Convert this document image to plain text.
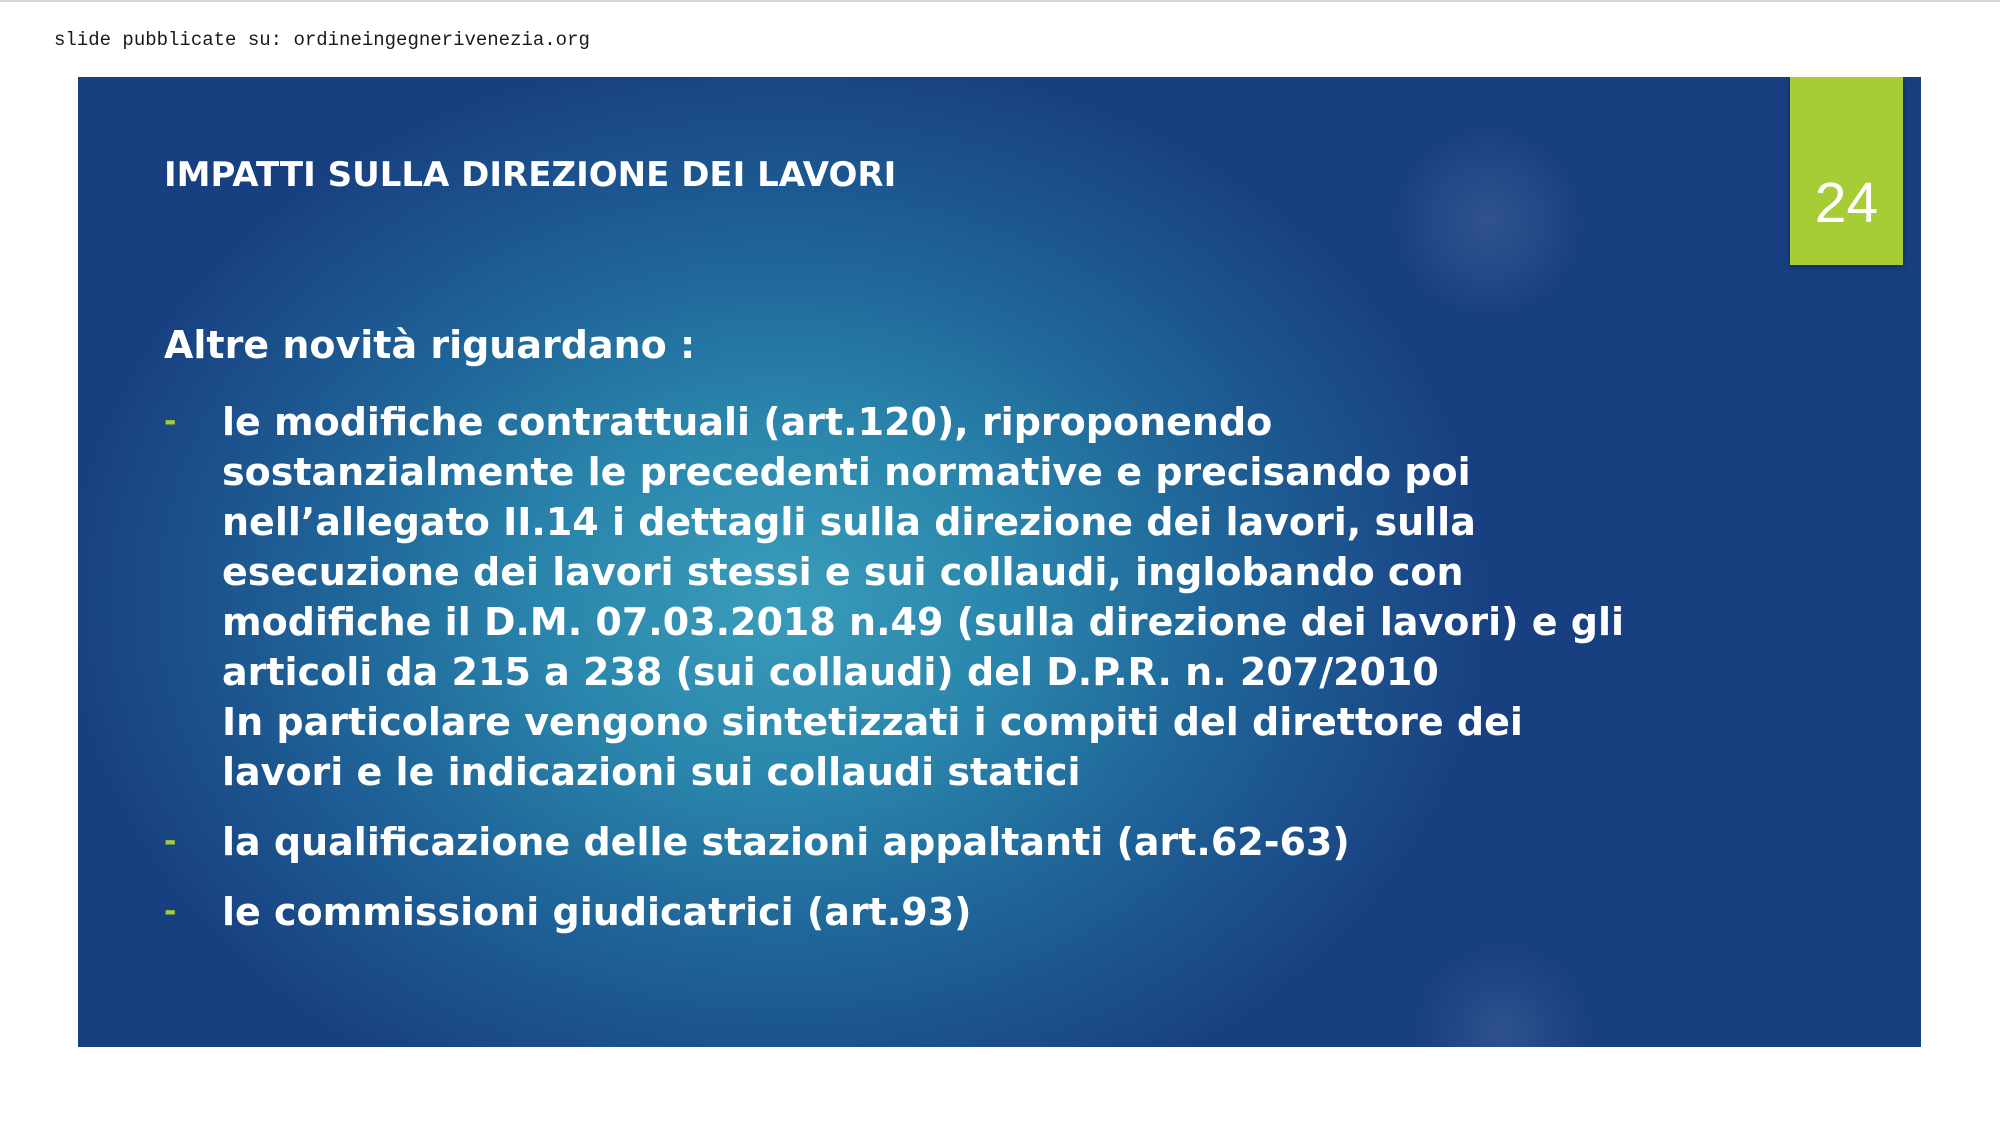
slide pubblicate su: ordineingegnerivenezia.org
24
IMPATTI SULLA DIREZIONE DEI LAVORI

Altre novità riguardano :

- le modifiche contrattuali (art.120), riproponendo
sostanzialmente le precedenti normative e precisando poi
nell’allegato II.14 i dettagli sulla direzione dei lavori, sulla
esecuzione dei lavori stessi e sui collaudi, inglobando con
modifiche il D.M. 07.03.2018 n.49 (sulla direzione dei lavori) e gli
articoli da 215 a 238 (sui collaudi) del D.P.R. n. 207/2010
In particolare vengono sintetizzati i compiti del direttore dei
lavori e le indicazioni sui collaudi statici
- la qualificazione delle stazioni appaltanti (art.62-63)
- le commissioni giudicatrici (art.93)
